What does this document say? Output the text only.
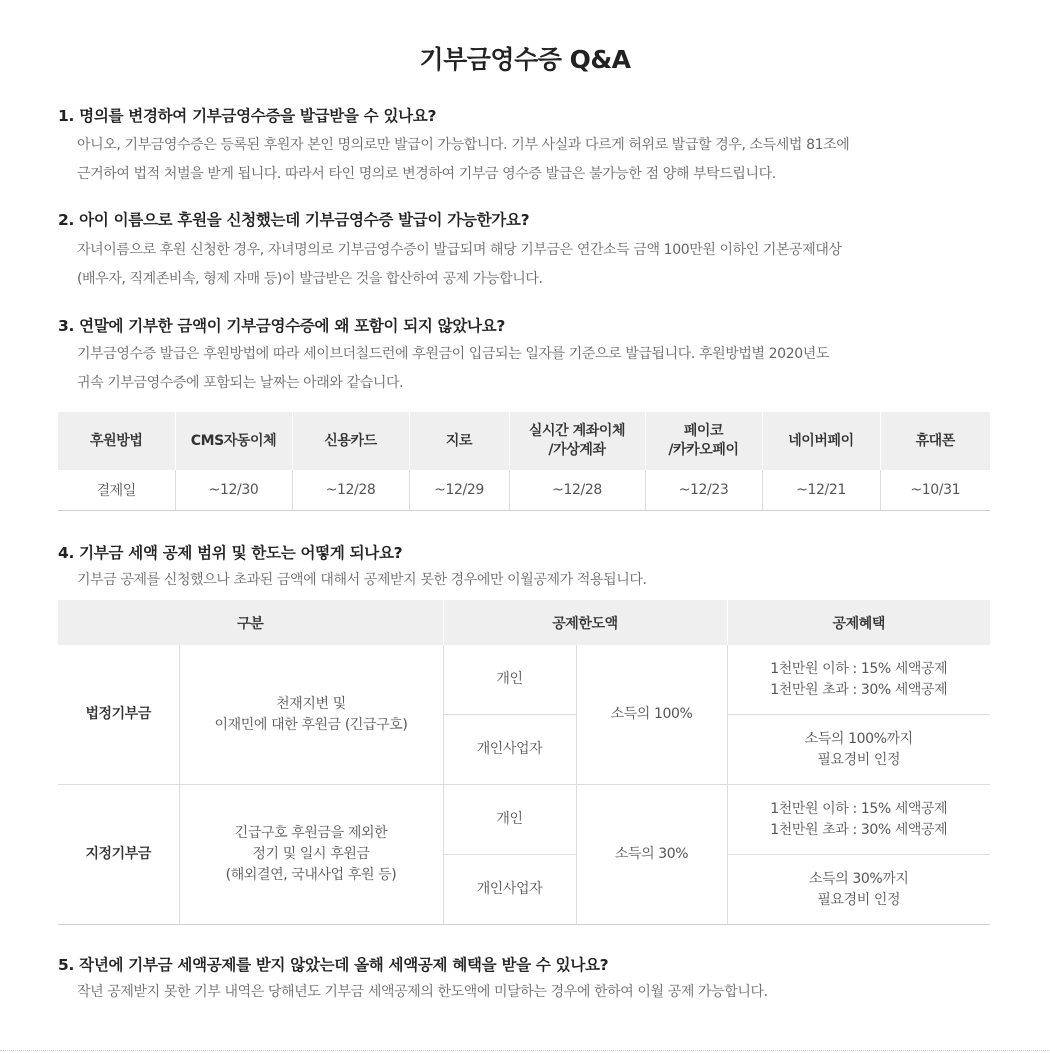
기부금영수증 Q&A
1. 명의를 변경하여 기부금영수증을 발급받을 수 있나요?
아니오, 기부금영수증은 등록된 후원자 본인 명의로만 발급이 가능합니다. 기부 사실과 다르게 허위로 발급할 경우, 소득세법 81조에
근거하여 법적 처벌을 받게 됩니다. 따라서 타인 명의로 변경하여 기부금 영수증 발급은 불가능한 점 양해 부탁드립니다.
2. 아이 이름으로 후원을 신청했는데 기부금영수증 발급이 가능한가요?
자녀이름으로 후원 신청한 경우, 자녀명의로 기부금영수증이 발급되며 해당 기부금은 연간소득 금액 100만원 이하인 기본공제대상
(배우자, 직계존비속, 형제 자매 등)이 발급받은 것을 합산하여 공제 가능합니다.
3. 연말에 기부한 금액이 기부금영수증에 왜 포함이 되지 않았나요?
기부금영수증 발급은 후원방법에 따라 세이브더칠드런에 후원금이 입금되는 일자를 기준으로 발급됩니다. 후원방법별 2020년도
귀속 기부금영수증에 포함되는 날짜는 아래와 같습니다.
후원방법	CMS자동이체	신용카드	지로	실시간 계좌이체
/가상계좌	페이코
/카카오페이	네이버페이	휴대폰
결제일	~12/30	~12/28	~12/29	~12/28	~12/23	~12/21	~10/31
4. 기부금 세액 공제 범위 및 한도는 어떻게 되나요?
기부금 공제를 신청했으나 초과된 금액에 대해서 공제받지 못한 경우에만 이월공제가 적용됩니다.
구분		공제한도액		공제혜택
법정기부금	천재지변 및
이재민에 대한 후원금 (긴급구호)	개인	소득의 100%	1천만원 이하 : 15% 세액공제
1천만원 초과 : 30% 세액공제
		개인사업자		소득의 100%까지
필요경비 인정
지정기부금	긴급구호 후원금을 제외한
정기 및 일시 후원금
(해외결연, 국내사업 후원 등)	개인	소득의 30%	1천만원 이하 : 15% 세액공제
1천만원 초과 : 30% 세액공제
		개인사업자		소득의 30%까지
필요경비 인정
5. 작년에 기부금 세액공제를 받지 않았는데 올해 세액공제 혜택을 받을 수 있나요?
작년 공제받지 못한 기부 내역은 당해년도 기부금 세액공제의 한도액에 미달하는 경우에 한하여 이월 공제 가능합니다.
